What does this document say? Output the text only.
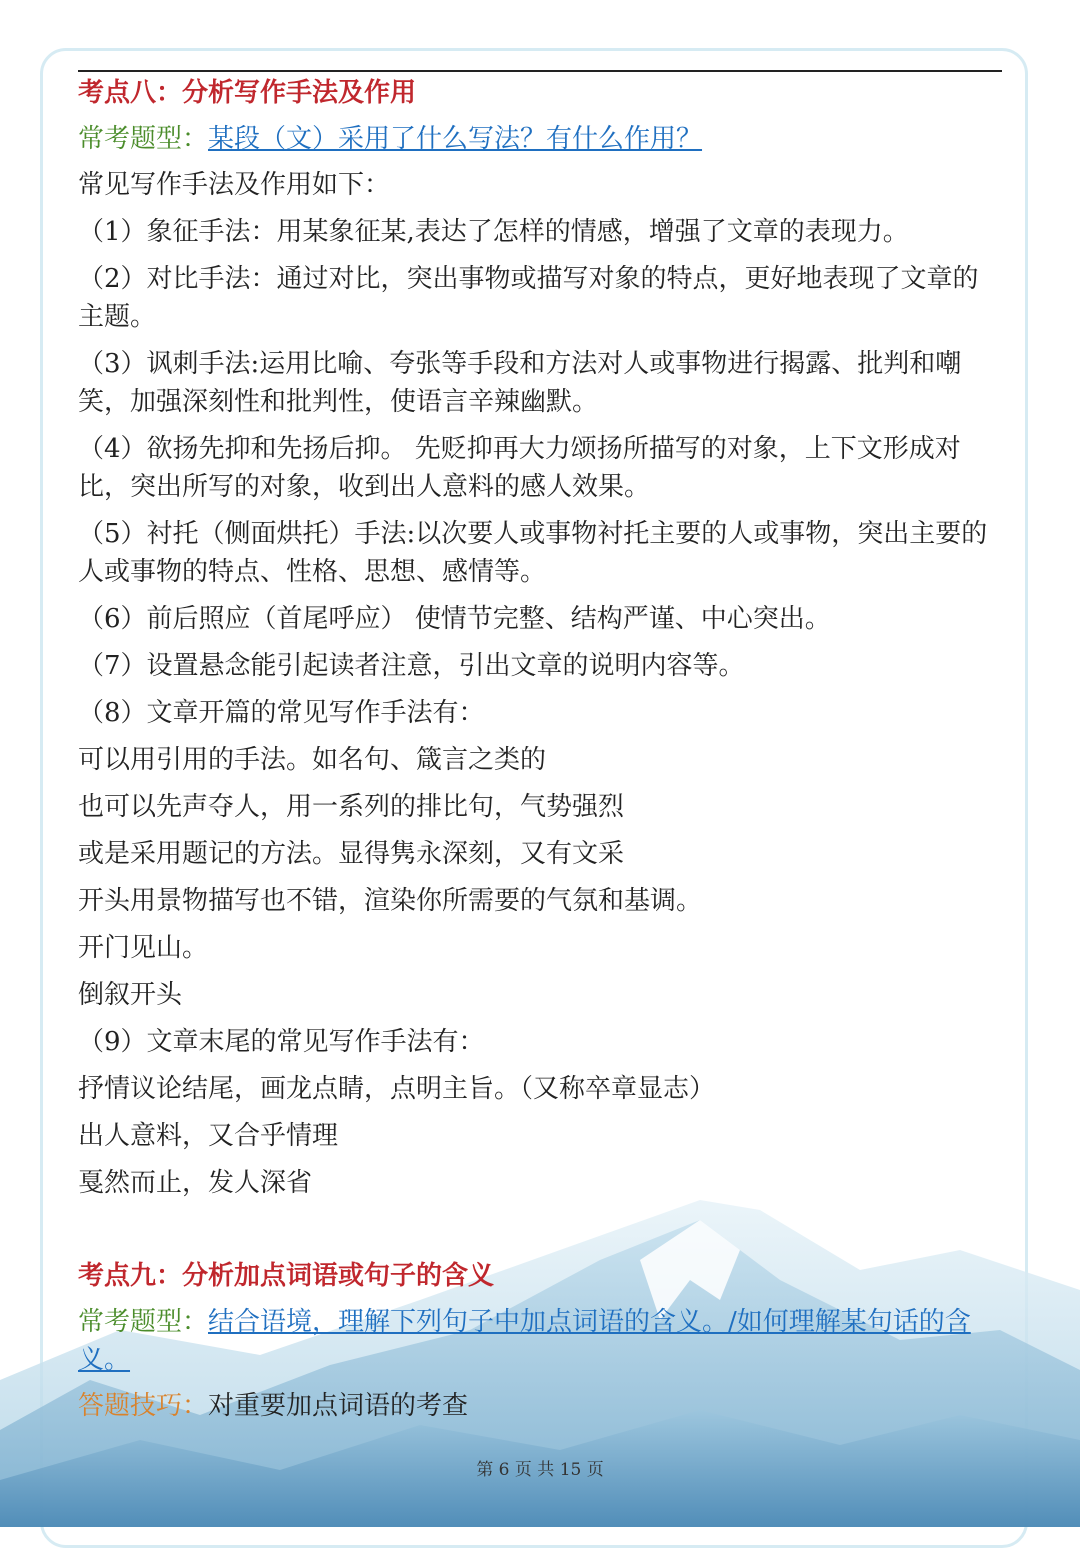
考点八：分析写作手法及作用

常考题型：某段（文）采用了什么写法？有什么作用？

常见写作手法及作用如下：

（1）象征手法：用某象征某,表达了怎样的情感，增强了文章的表现力。

（2）对比手法：通过对比，突出事物或描写对象的特点，更好地表现了文章的主题。

（3）讽刺手法:运用比喻、夸张等手段和方法对人或事物进行揭露、批判和嘲笑，加强深刻性和批判性，使语言辛辣幽默。

（4）欲扬先抑和先扬后抑。 先贬抑再大力颂扬所描写的对象，上下文形成对比，突出所写的对象，收到出人意料的感人效果。

（5）衬托（侧面烘托）手法:以次要人或事物衬托主要的人或事物，突出主要的人或事物的特点、性格、思想、感情等。

（6）前后照应（首尾呼应） 使情节完整、结构严谨、中心突出。

（7）设置悬念能引起读者注意，引出文章的说明内容等。

（8）文章开篇的常见写作手法有：

可以用引用的手法。如名句、箴言之类的

也可以先声夺人，用一系列的排比句，气势强烈

或是采用题记的方法。显得隽永深刻，又有文采

开头用景物描写也不错，渲染你所需要的气氛和基调。

开门见山。

倒叙开头

（9）文章末尾的常见写作手法有：

抒情议论结尾，画龙点睛，点明主旨。（又称卒章显志）

出人意料，又合乎情理

戛然而止，发人深省

考点九：分析加点词语或句子的含义

常考题型：结合语境，理解下列句子中加点词语的含义。/如何理解某句话的含义。

答题技巧：对重要加点词语的考查

第 6 页 共 15 页
